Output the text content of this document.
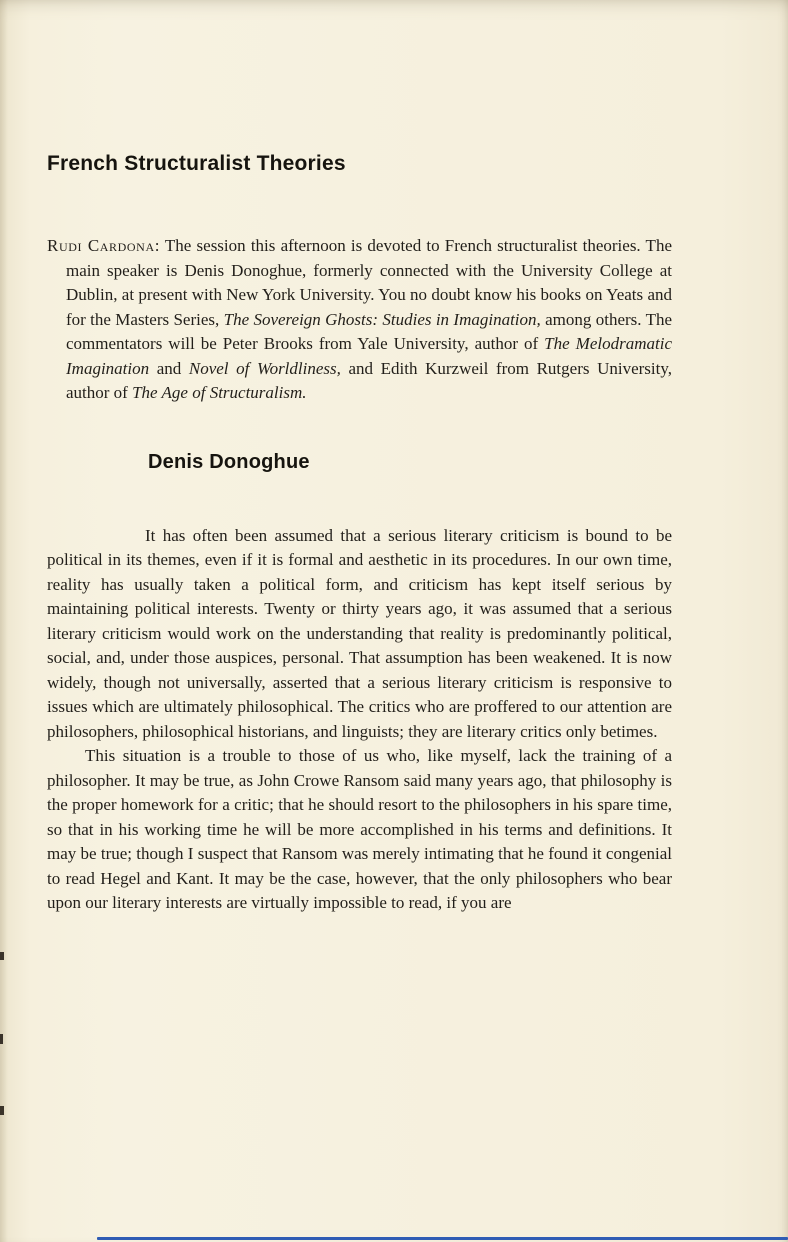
French Structuralist Theories

Rudi Cardona: The session this afternoon is devoted to French structuralist theories. The main speaker is Denis Donoghue, formerly connected with the University College at Dublin, at present with New York University. You no doubt know his books on Yeats and for the Masters Series, The Sovereign Ghosts: Studies in Imagination, among others. The commentators will be Peter Brooks from Yale University, author of The Melodramatic Imagination and Novel of Worldliness, and Edith Kurzweil from Rutgers University, author of The Age of Structuralism.

Denis Donoghue

It has often been assumed that a serious literary criticism is bound to be political in its themes, even if it is formal and aesthetic in its procedures. In our own time, reality has usually taken a political form, and criticism has kept itself serious by maintaining political interests. Twenty or thirty years ago, it was assumed that a serious literary criticism would work on the understanding that reality is predominantly political, social, and, under those auspices, personal. That assumption has been weakened. It is now widely, though not universally, asserted that a serious literary criticism is responsive to issues which are ultimately philosophical. The critics who are proffered to our attention are philosophers, philosophical historians, and linguists; they are literary critics only betimes.

This situation is a trouble to those of us who, like myself, lack the training of a philosopher. It may be true, as John Crowe Ransom said many years ago, that philosophy is the proper homework for a critic; that he should resort to the philosophers in his spare time, so that in his working time he will be more accomplished in his terms and definitions. It may be true; though I suspect that Ransom was merely intimating that he found it congenial to read Hegel and Kant. It may be the case, however, that the only philosophers who bear upon our literary interests are virtually impossible to read, if you are
